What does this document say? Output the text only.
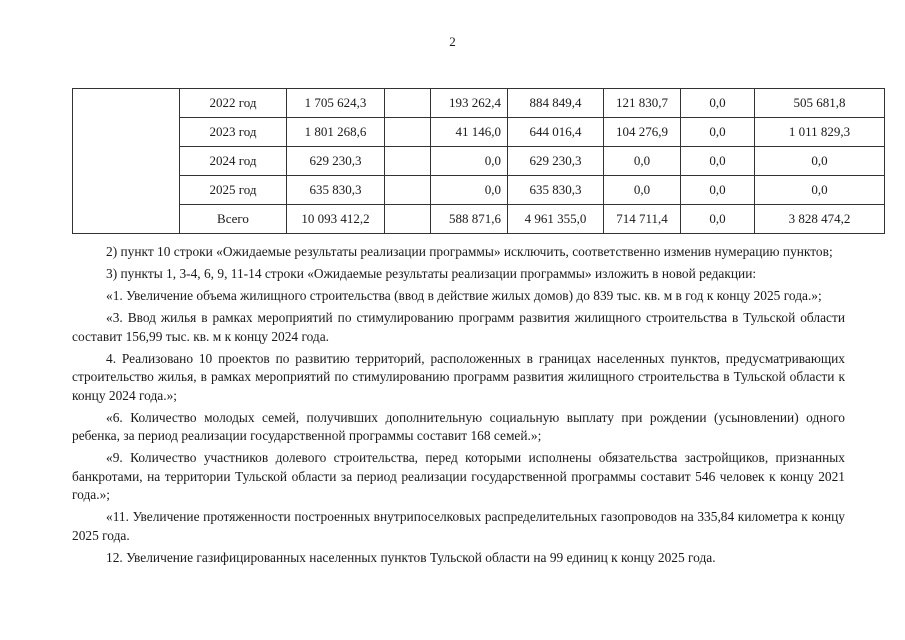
2
	2022 год	1 705 624,3		193 262,4	884 849,4	121 830,7	0,0	505 681,8
	2023 год	1 801 268,6		41 146,0	644 016,4	104 276,9	0,0	1 011 829,3
	2024 год	629 230,3		0,0	629 230,3	0,0	0,0	0,0
	2025 год	635 830,3		0,0	635 830,3	0,0	0,0	0,0
	Всего	10 093 412,2		588 871,6	4 961 355,0	714 711,4	0,0	3 828 474,2

2) пункт 10 строки «Ожидаемые результаты реализации программы» исключить, соответственно изменив нумерацию пунктов;

3) пункты 1, 3-4, 6, 9, 11-14 строки «Ожидаемые результаты реализации программы» изложить в новой редакции:

«1. Увеличение объема жилищного строительства (ввод в действие жилых домов) до 839 тыс. кв. м в год к концу 2025 года.»;

«3. Ввод жилья в рамках мероприятий по стимулированию программ развития жилищного строительства в Тульской области составит 156,99 тыс. кв. м к концу 2024 года.

4. Реализовано 10 проектов по развитию территорий, расположенных в границах населенных пунктов, предусматривающих строительство жилья, в рамках мероприятий по стимулированию программ развития жилищного строительства в Тульской области к концу 2024 года.»;

«6. Количество молодых семей, получивших дополнительную социальную выплату при рождении (усыновлении) одного ребенка, за период реализации государственной программы составит 168 семей.»;

«9. Количество участников долевого строительства, перед которыми исполнены обязательства застройщиков, признанных банкротами, на территории Тульской области за период реализации государственной программы составит 546 человек к концу 2021 года.»;

«11. Увеличение протяженности построенных внутрипоселковых распределительных газопроводов на 335,84 километра к концу 2025 года.

12. Увеличение газифицированных населенных пунктов Тульской области на 99 единиц к концу 2025 года.
